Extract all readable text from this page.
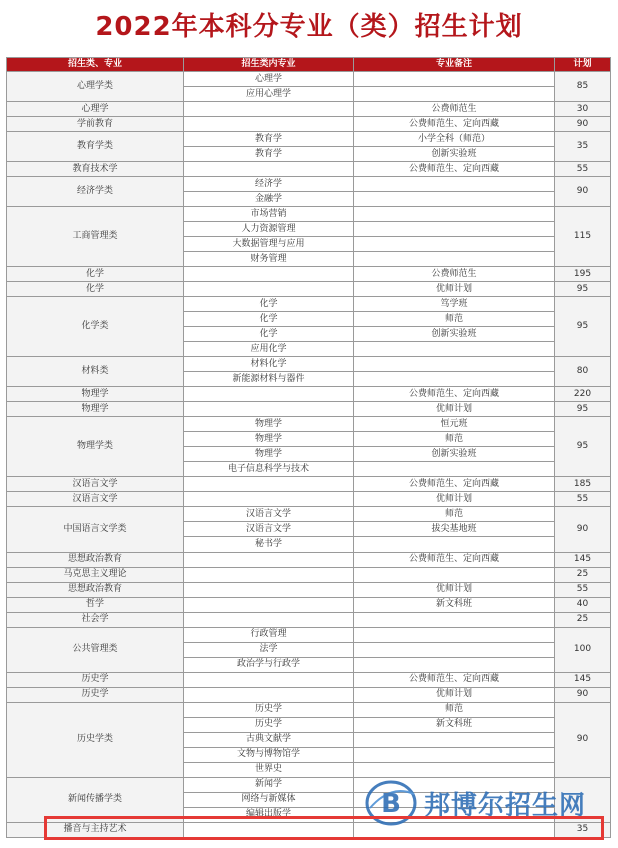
2022年本科分专业（类）招生计划
招生类、专业	招生类内专业	专业备注	计划
心理学类	心理学		85
	应用心理学		
心理学		公费师范生	30
学前教育		公费师范生、定向西藏	90
教育学类	教育学	小学全科（师范）	35
	教育学	创新实验班	
教育技术学		公费师范生、定向西藏	55
经济学类	经济学		90
	金融学		
工商管理类	市场营销		115
	人力资源管理		
	大数据管理与应用		
	财务管理		
化学		公费师范生	195
化学		优师计划	95
化学类	化学	笃学班	95
	化学	师范	
	化学	创新实验班	
	应用化学		
材料类	材料化学		80
	新能源材料与器件		
物理学		公费师范生、定向西藏	220
物理学		优师计划	95
物理学类	物理学	恒元班	95
	物理学	师范	
	物理学	创新实验班	
	电子信息科学与技术		
汉语言文学		公费师范生、定向西藏	185
汉语言文学		优师计划	55
中国语言文学类	汉语言文学	师范	90
	汉语言文学	拔尖基地班	
	秘书学		
思想政治教育		公费师范生、定向西藏	145
马克思主义理论			25
思想政治教育		优师计划	55
哲学		新文科班	40
社会学			25
公共管理类	行政管理		100
	法学		
	政治学与行政学		
历史学		公费师范生、定向西藏	145
历史学		优师计划	90
历史学类	历史学	师范	90
	历史学	新文科班	
	古典文献学		
	文物与博物馆学		
	世界史		
新闻传播学类	新闻学		
	网络与新媒体		
	编辑出版学		
播音与主持艺术			35
B 邦博尔招生网
